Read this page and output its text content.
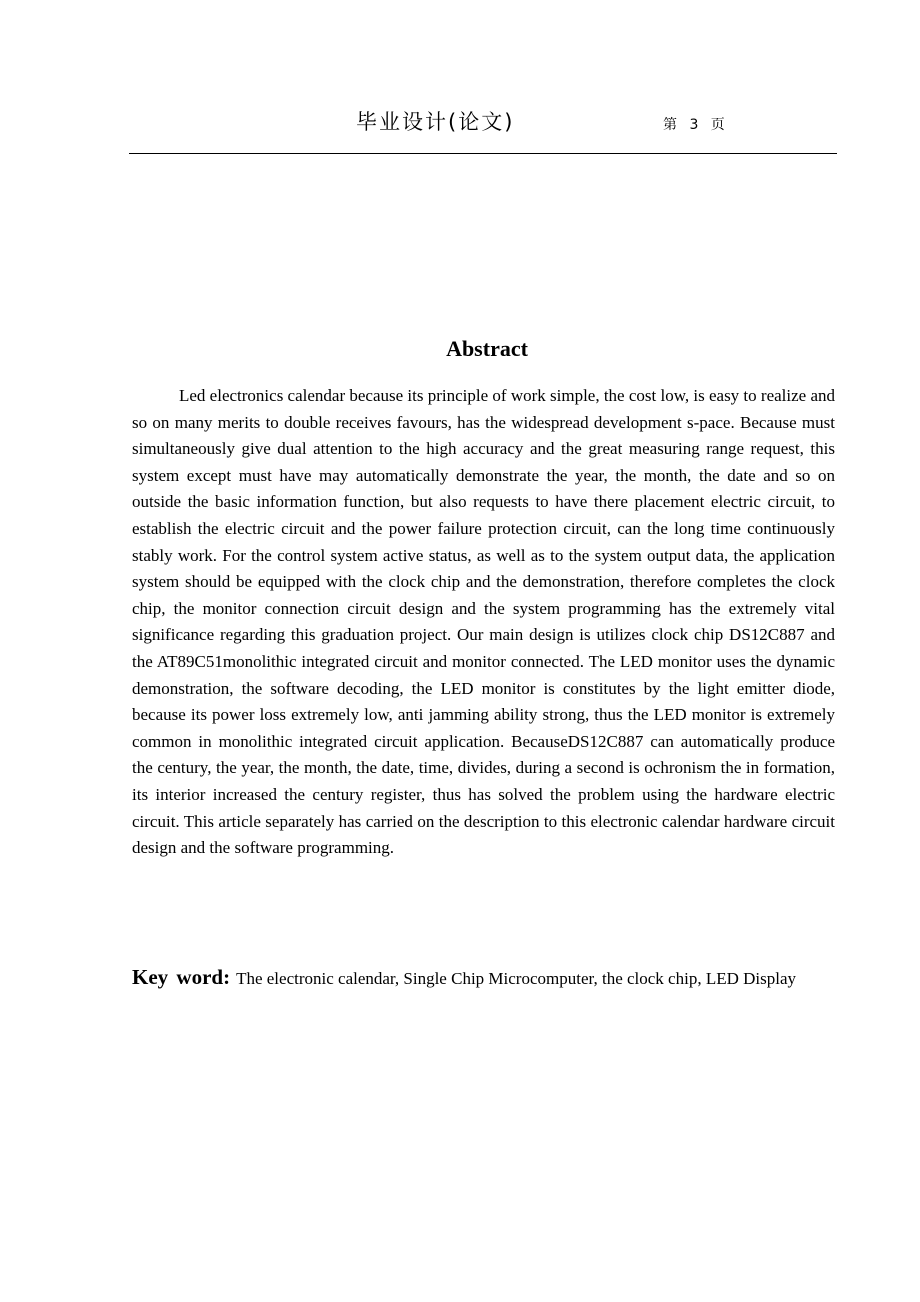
毕业设计(论文)	第 3 页
Abstract

Led electronics calendar because its principle of work simple, the cost low, is easy to realize and so on many merits to double receives favours, has the widespread development s-pace. Because must simultaneously give dual attention to the high accuracy and the great measuring range request, this system except must have may automatically demonstrate the year, the month, the date and so on outside the basic information function, but also requests to have there placement electric circuit, to establish the electric circuit and the power failure protection circuit, can the long time continuously stably work. For the control system active status, as well as to the system output data, the application system should be equipped with the clock chip and the demonstration, therefore completes the clock chip, the monitor connection circuit design and the system programming has the extremely vital significance regarding this graduation project. Our main design is utilizes clock chip DS12C887 and the AT89C51monolithic integrated circuit and monitor connected. The LED monitor uses the dynamic demonstration, the software decoding, the LED monitor is constitutes by the light emitter diode, because its power loss extremely low, anti jamming ability strong, thus the LED monitor is extremely common in monolithic integrated circuit application. BecauseDS12C887 can automatically produce the century, the year, the month, the date, time, divides, during a second is ochronism the in formation, its interior increased the century register, thus has solved the problem using the hardware electric circuit. This article separately has carried on the description to this electronic calendar hardware circuit design and the software programming.

Key word: The electronic calendar, Single Chip Microcomputer, the clock chip, LED Display
